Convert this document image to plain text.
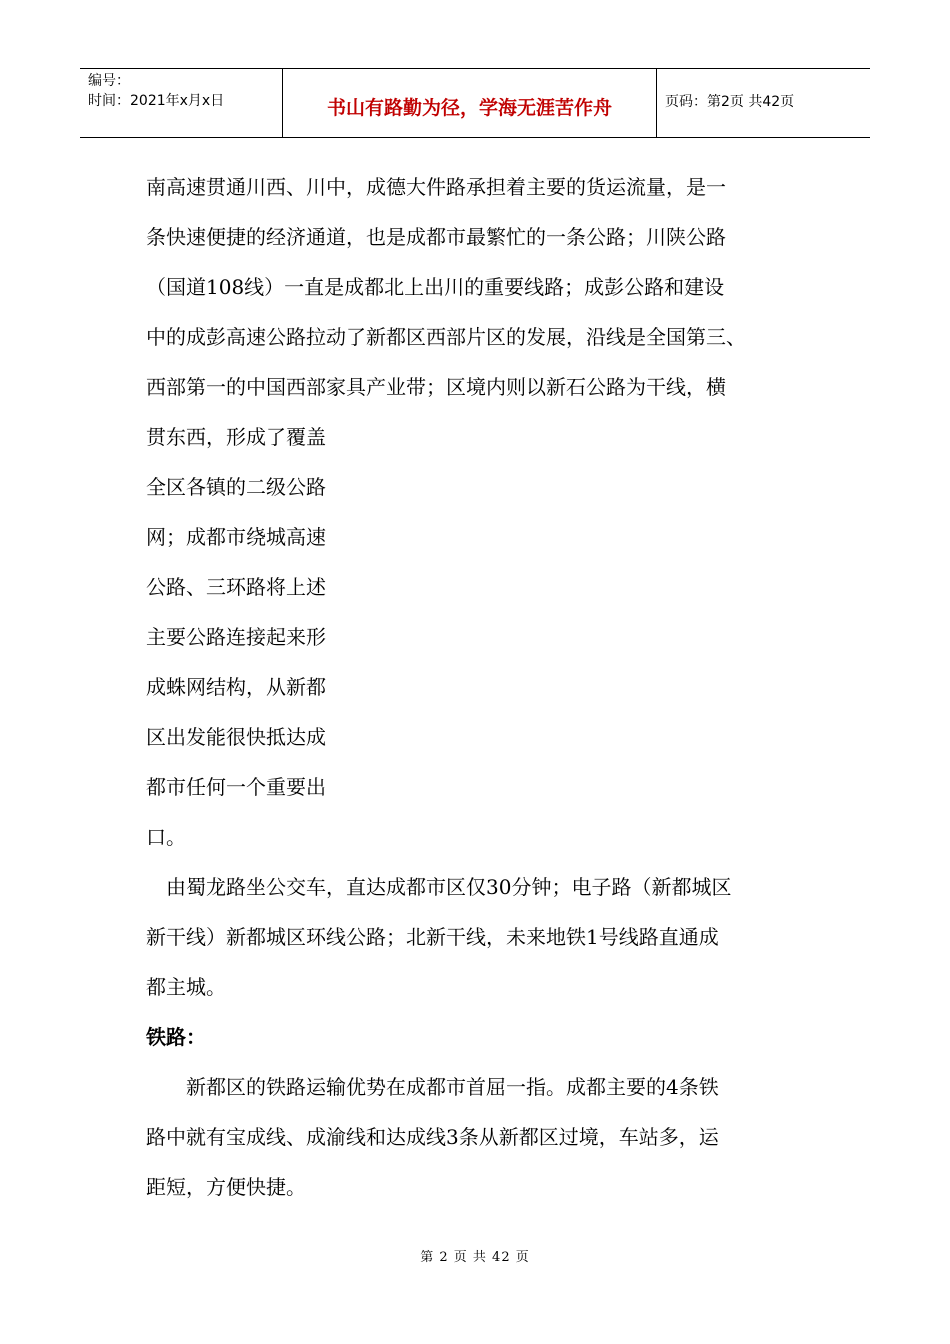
编号：
时间：2021年x月x日	书山有路勤为径，学海无涯苦作舟	页码：第2页 共42页
南高速贯通川西、川中，成德大件路承担着主要的货运流量，是一
条快速便捷的经济通道，也是成都市最繁忙的一条公路；川陕公路
（国道108线）一直是成都北上出川的重要线路；成彭公路和建设
中的成彭高速公路拉动了新都区西部片区的发展，沿线是全国第三、
西部第一的中国西部家具产业带；区境内则以新石公路为干线，横
贯东西，形成了覆盖
全区各镇的二级公路
网；成都市绕城高速
公路、三环路将上述
主要公路连接起来形
成蛛网结构，从新都
区出发能很快抵达成
都市任何一个重要出
口。
由蜀龙路坐公交车，直达成都市区仅30分钟；电子路（新都城区
新干线）新都城区环线公路；北新干线，未来地铁1号线路直通成
都主城。
铁路：
新都区的铁路运输优势在成都市首屈一指。成都主要的4条铁
路中就有宝成线、成渝线和达成线3条从新都区过境，车站多，运
距短，方便快捷。
第 2 页 共 42 页
